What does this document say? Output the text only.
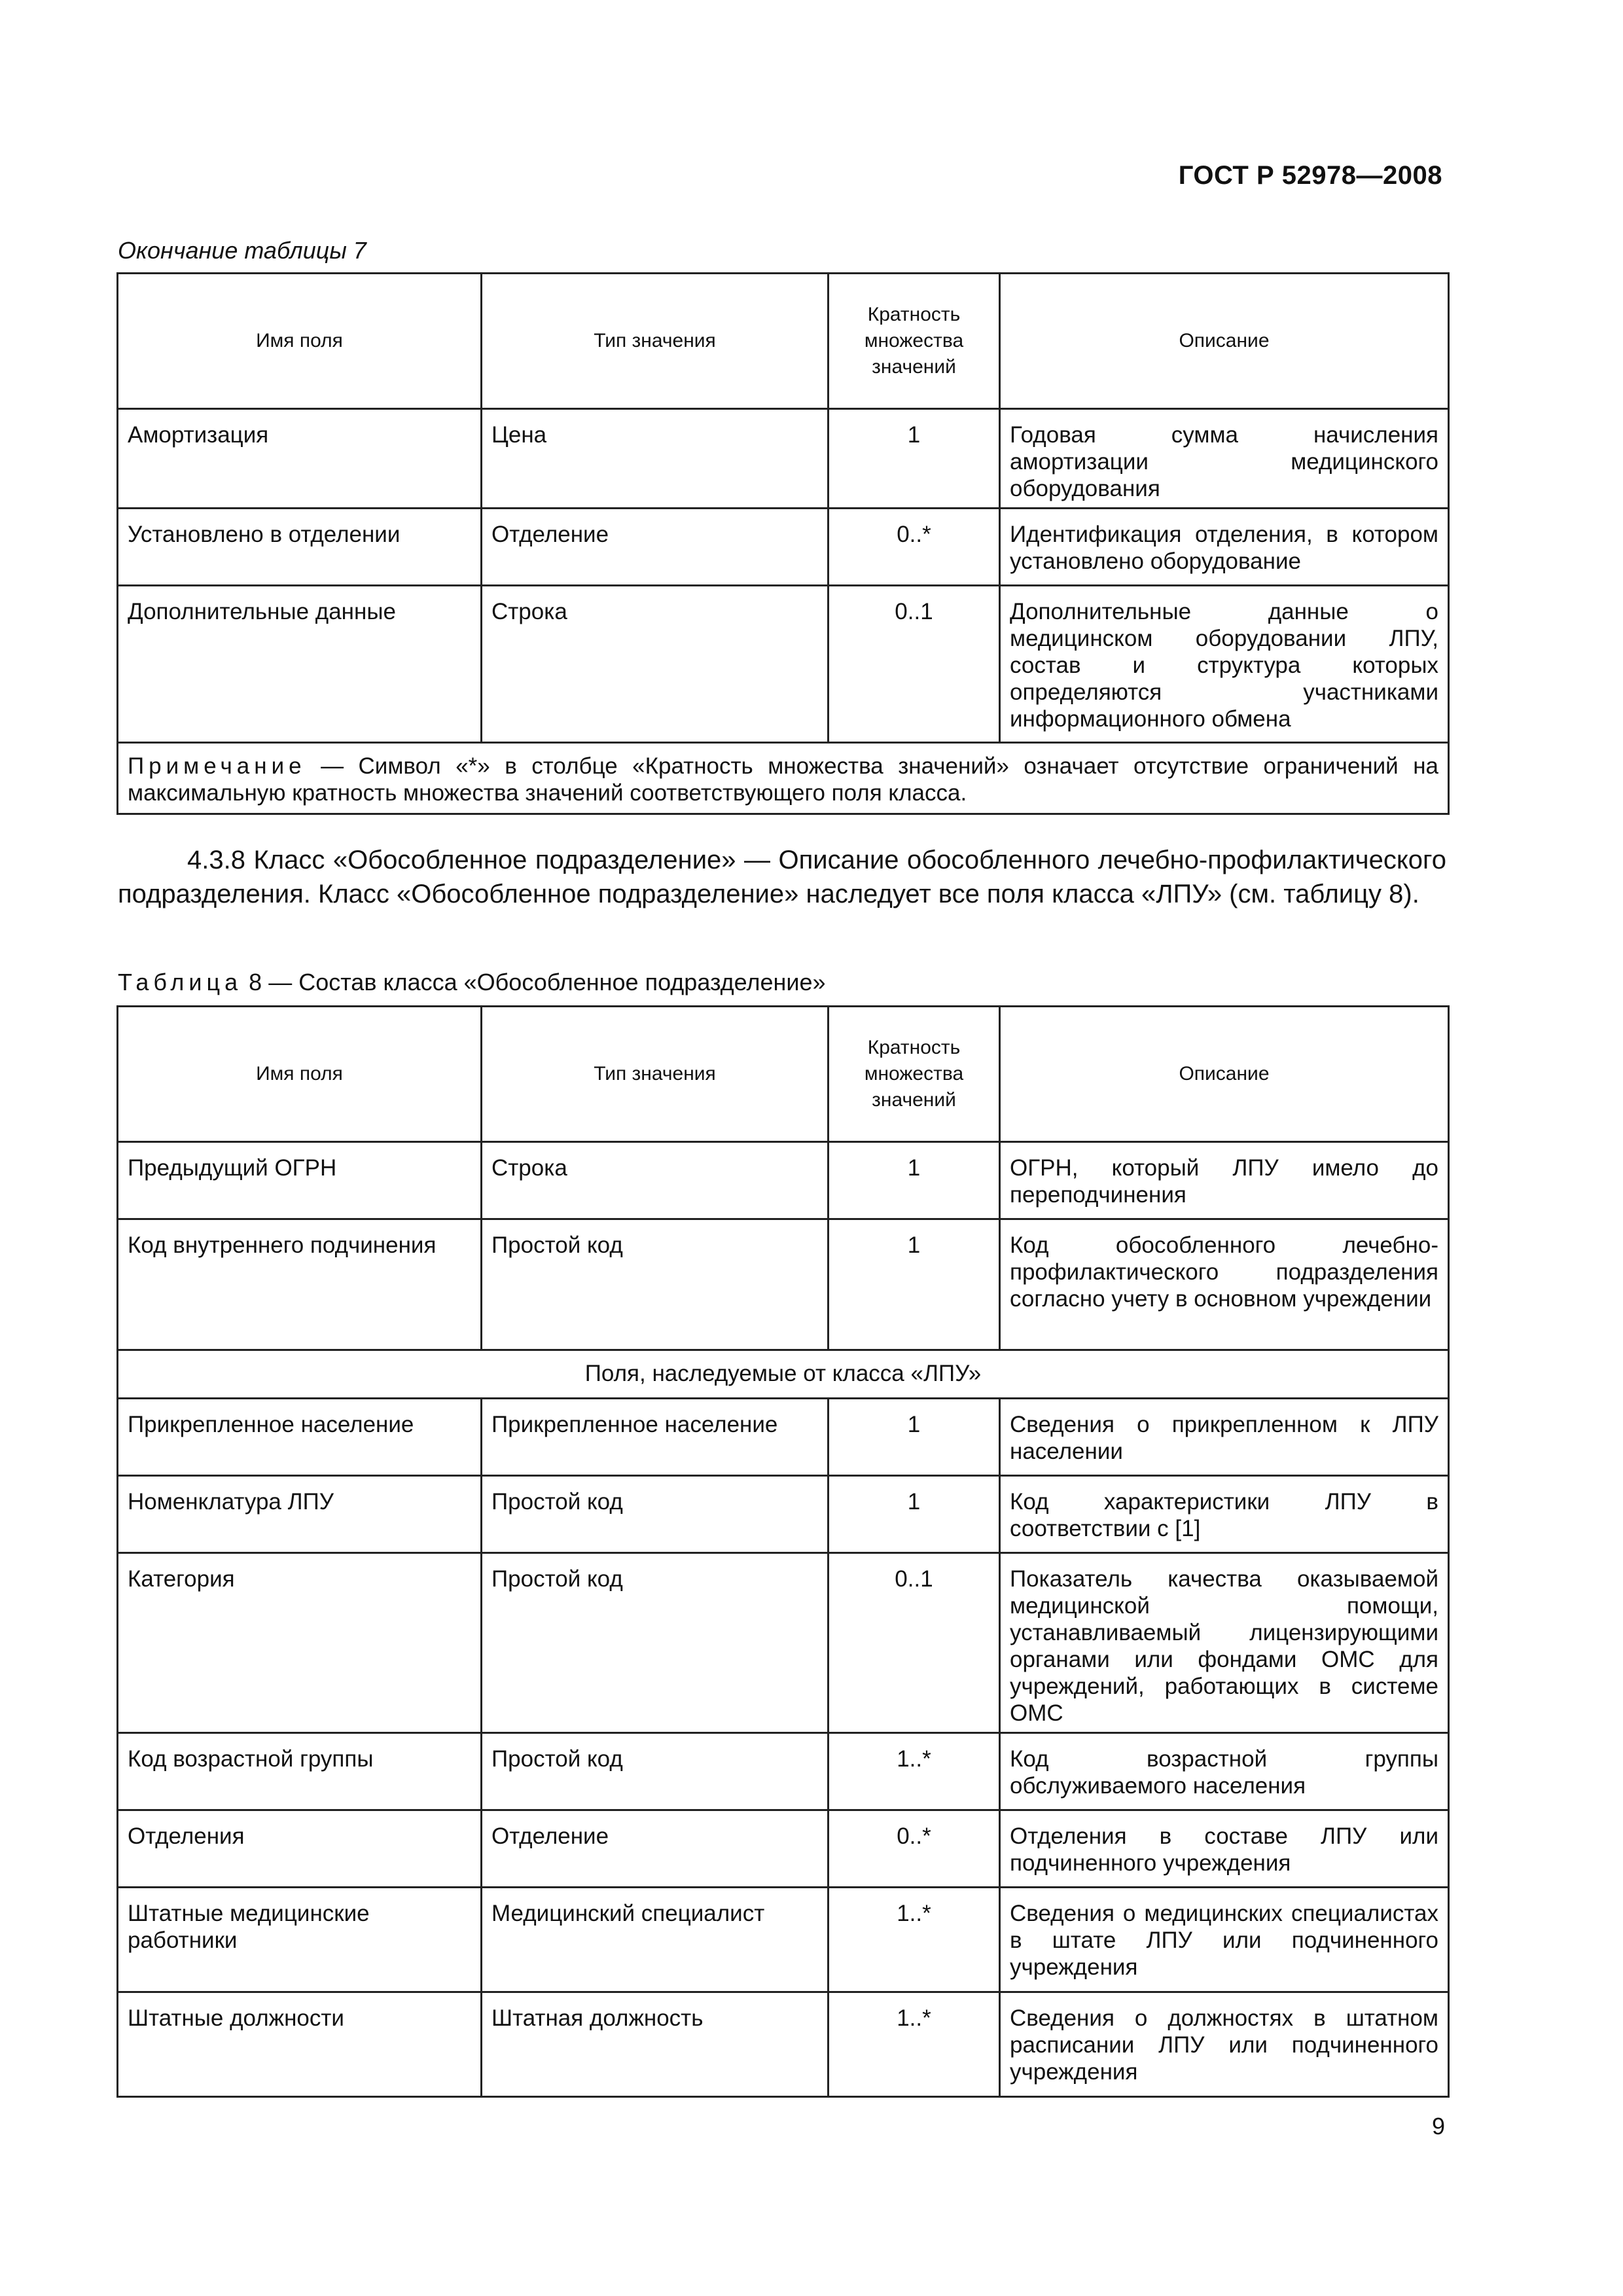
ГОСТ Р 52978—2008
Окончание таблицы 7
Имя поля	Тип значения	Кратность множества значений	Описание
Амортизация	Цена	1	Годовая сумма начисления амортизации медицинского оборудования
Установлено в отделении	Отделение	0..*	Идентификация отделения, в котором установлено оборудование
Дополнительные данные	Строка	0..1	Дополнительные данные о медицинском оборудовании ЛПУ, состав и структура которых определяются участниками информационного обмена
Примечание — Символ «*» в столбце «Кратность множества значений» означает отсутствие ограничений на максимальную кратность множества значений соответствующего поля класса.			
4.3.8 Класс «Обособленное подразделение» — Описание обособленного лечебно-профилактического подразделения. Класс «Обособленное подразделение» наследует все поля класса «ЛПУ» (см. таблицу 8).
Таблица 8 — Состав класса «Обособленное подразделение»
Имя поля	Тип значения	Кратность множества значений	Описание
Предыдущий ОГРН	Строка	1	ОГРН, который ЛПУ имело до переподчинения
Код внутреннего подчинения	Простой код	1	Код обособленного лечебно-профилактического подразделения согласно учету в основном учреждении
Поля, наследуемые от класса «ЛПУ»			
Прикрепленное население	Прикрепленное население	1	Сведения о прикрепленном к ЛПУ населении
Номенклатура ЛПУ	Простой код	1	Код характеристики ЛПУ в соответствии с [1]
Категория	Простой код	0..1	Показатель качества оказываемой медицинской помощи, устанавливаемый лицензирующими органами или фондами ОМС для учреждений, работающих в системе ОМС
Код возрастной группы	Простой код	1..*	Код возрастной группы обслуживаемого населения
Отделения	Отделение	0..*	Отделения в составе ЛПУ или подчиненного учреждения
Штатные медицинские работники	Медицинский специалист	1..*	Сведения о медицинских специалистах в штате ЛПУ или подчиненного учреждения
Штатные должности	Штатная должность	1..*	Сведения о должностях в штатном расписании ЛПУ или подчиненного учреждения
9
